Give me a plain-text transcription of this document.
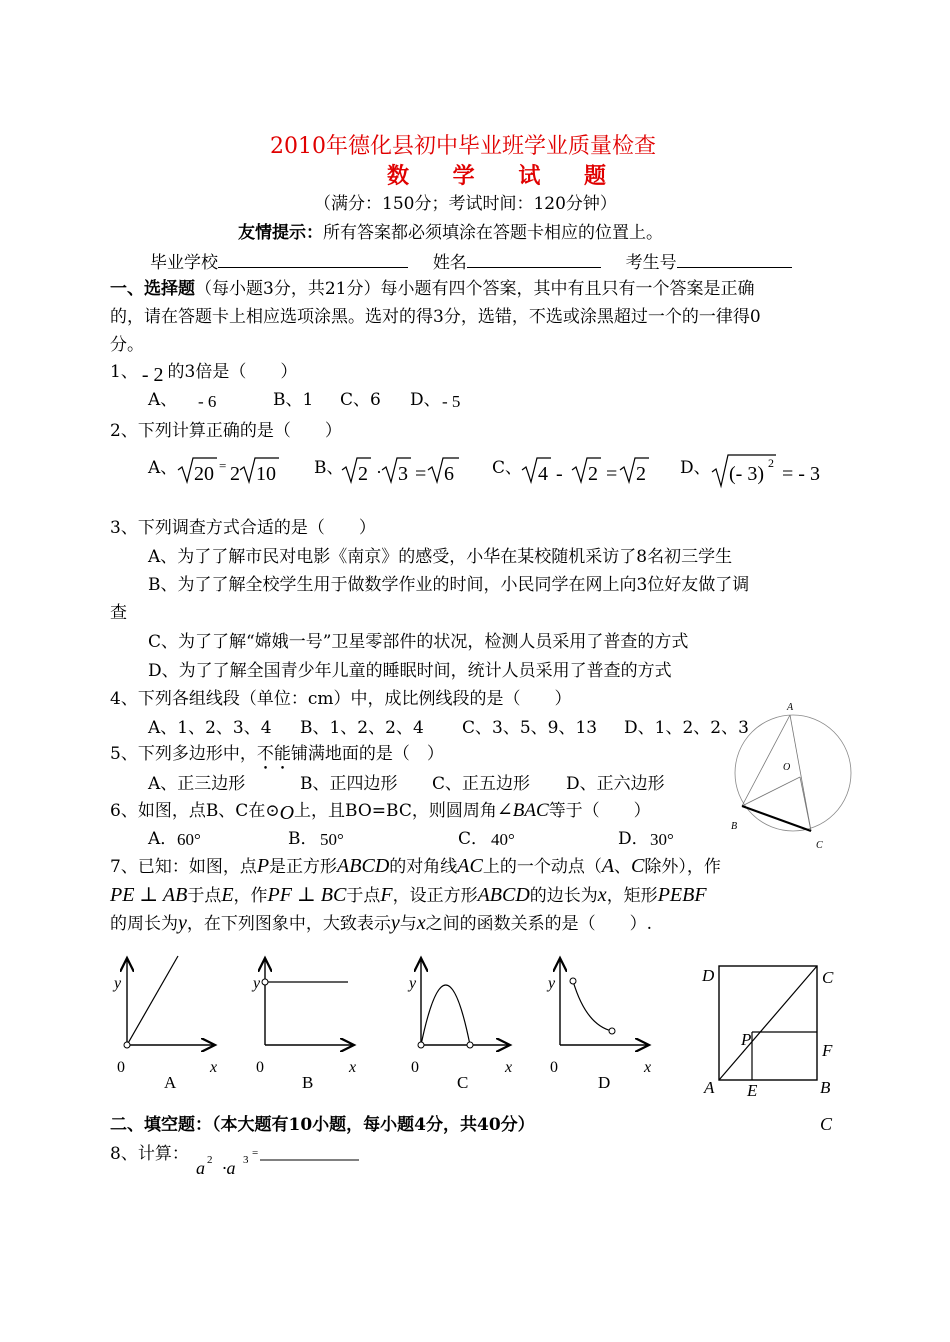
2010年德化县初中毕业班学业质量检查
数 学 试 题
（满分：150分；考试时间：120分钟）
友情提示：所有答案都必须填涂在答题卡相应的位置上。
毕业学校	姓名	考生号
一、选择题（每小题3分，共21分）每小题有四个答案，其中有且只有一个答案是正确
的，请在答题卡上相应选项涂黑。选对的得3分，选错，不选或涂黑超过一个的一律得0
分。
1、 - 2 的3倍是（　　）
A、 - 6	B、1 C、6 D、 - 5
2、下列计算正确的是（　　）
A、	B、	C、	D、
20 = 2 10	2 · 3 = 6	4 - 2 = 2	(- 3) 2 = - 3
3、下列调查方式合适的是（　　）
A、为了了解市民对电影《南京》的感受，小华在某校随机采访了8名初三学生
B、为了了解全校学生用于做数学作业的时间，小民同学在网上向3位好友做了调
查
C、为了了解“嫦娥一号”卫星零部件的状况，检测人员采用了普查的方式
D、为了了解全国青少年儿童的睡眠时间，统计人员采用了普查的方式
4、下列各组线段（单位：cm）中，成比例线段的是（　　）
A、1、2、3、4 B、1、2、2、4 C、3、5、9、13 D、1、2、2、3
5、下列多边形中，不能铺满地面的是（　）
A、正三边形	B、正四边形 C、正五边形 D、正六边形
6、如图，点B、C在⊙O上，且BO=BC，则圆周角∠BAC等于（　　）
A． 60°	B． 50°	C． 40°	D． 30°
A
O
B
C
7、已知：如图，点P是正方形ABCD的对角线AC上的一个动点（A、C除外），作
PE ⊥ AB于点E，作PF ⊥ BC于点F，设正方形ABCD的边长为x，矩形PEBF
的周长为y，在下列图象中，大致表示y与x之间的函数关系的是（　　）.
y
x
0
A
y
x
0
B
y
x
0
C
y
x
0
D
D	C
P
F
A E	B
二、填空题：（本大题有10小题，每小题4分，共40分）	C
8、计算：
a 2 ·a 3
=
